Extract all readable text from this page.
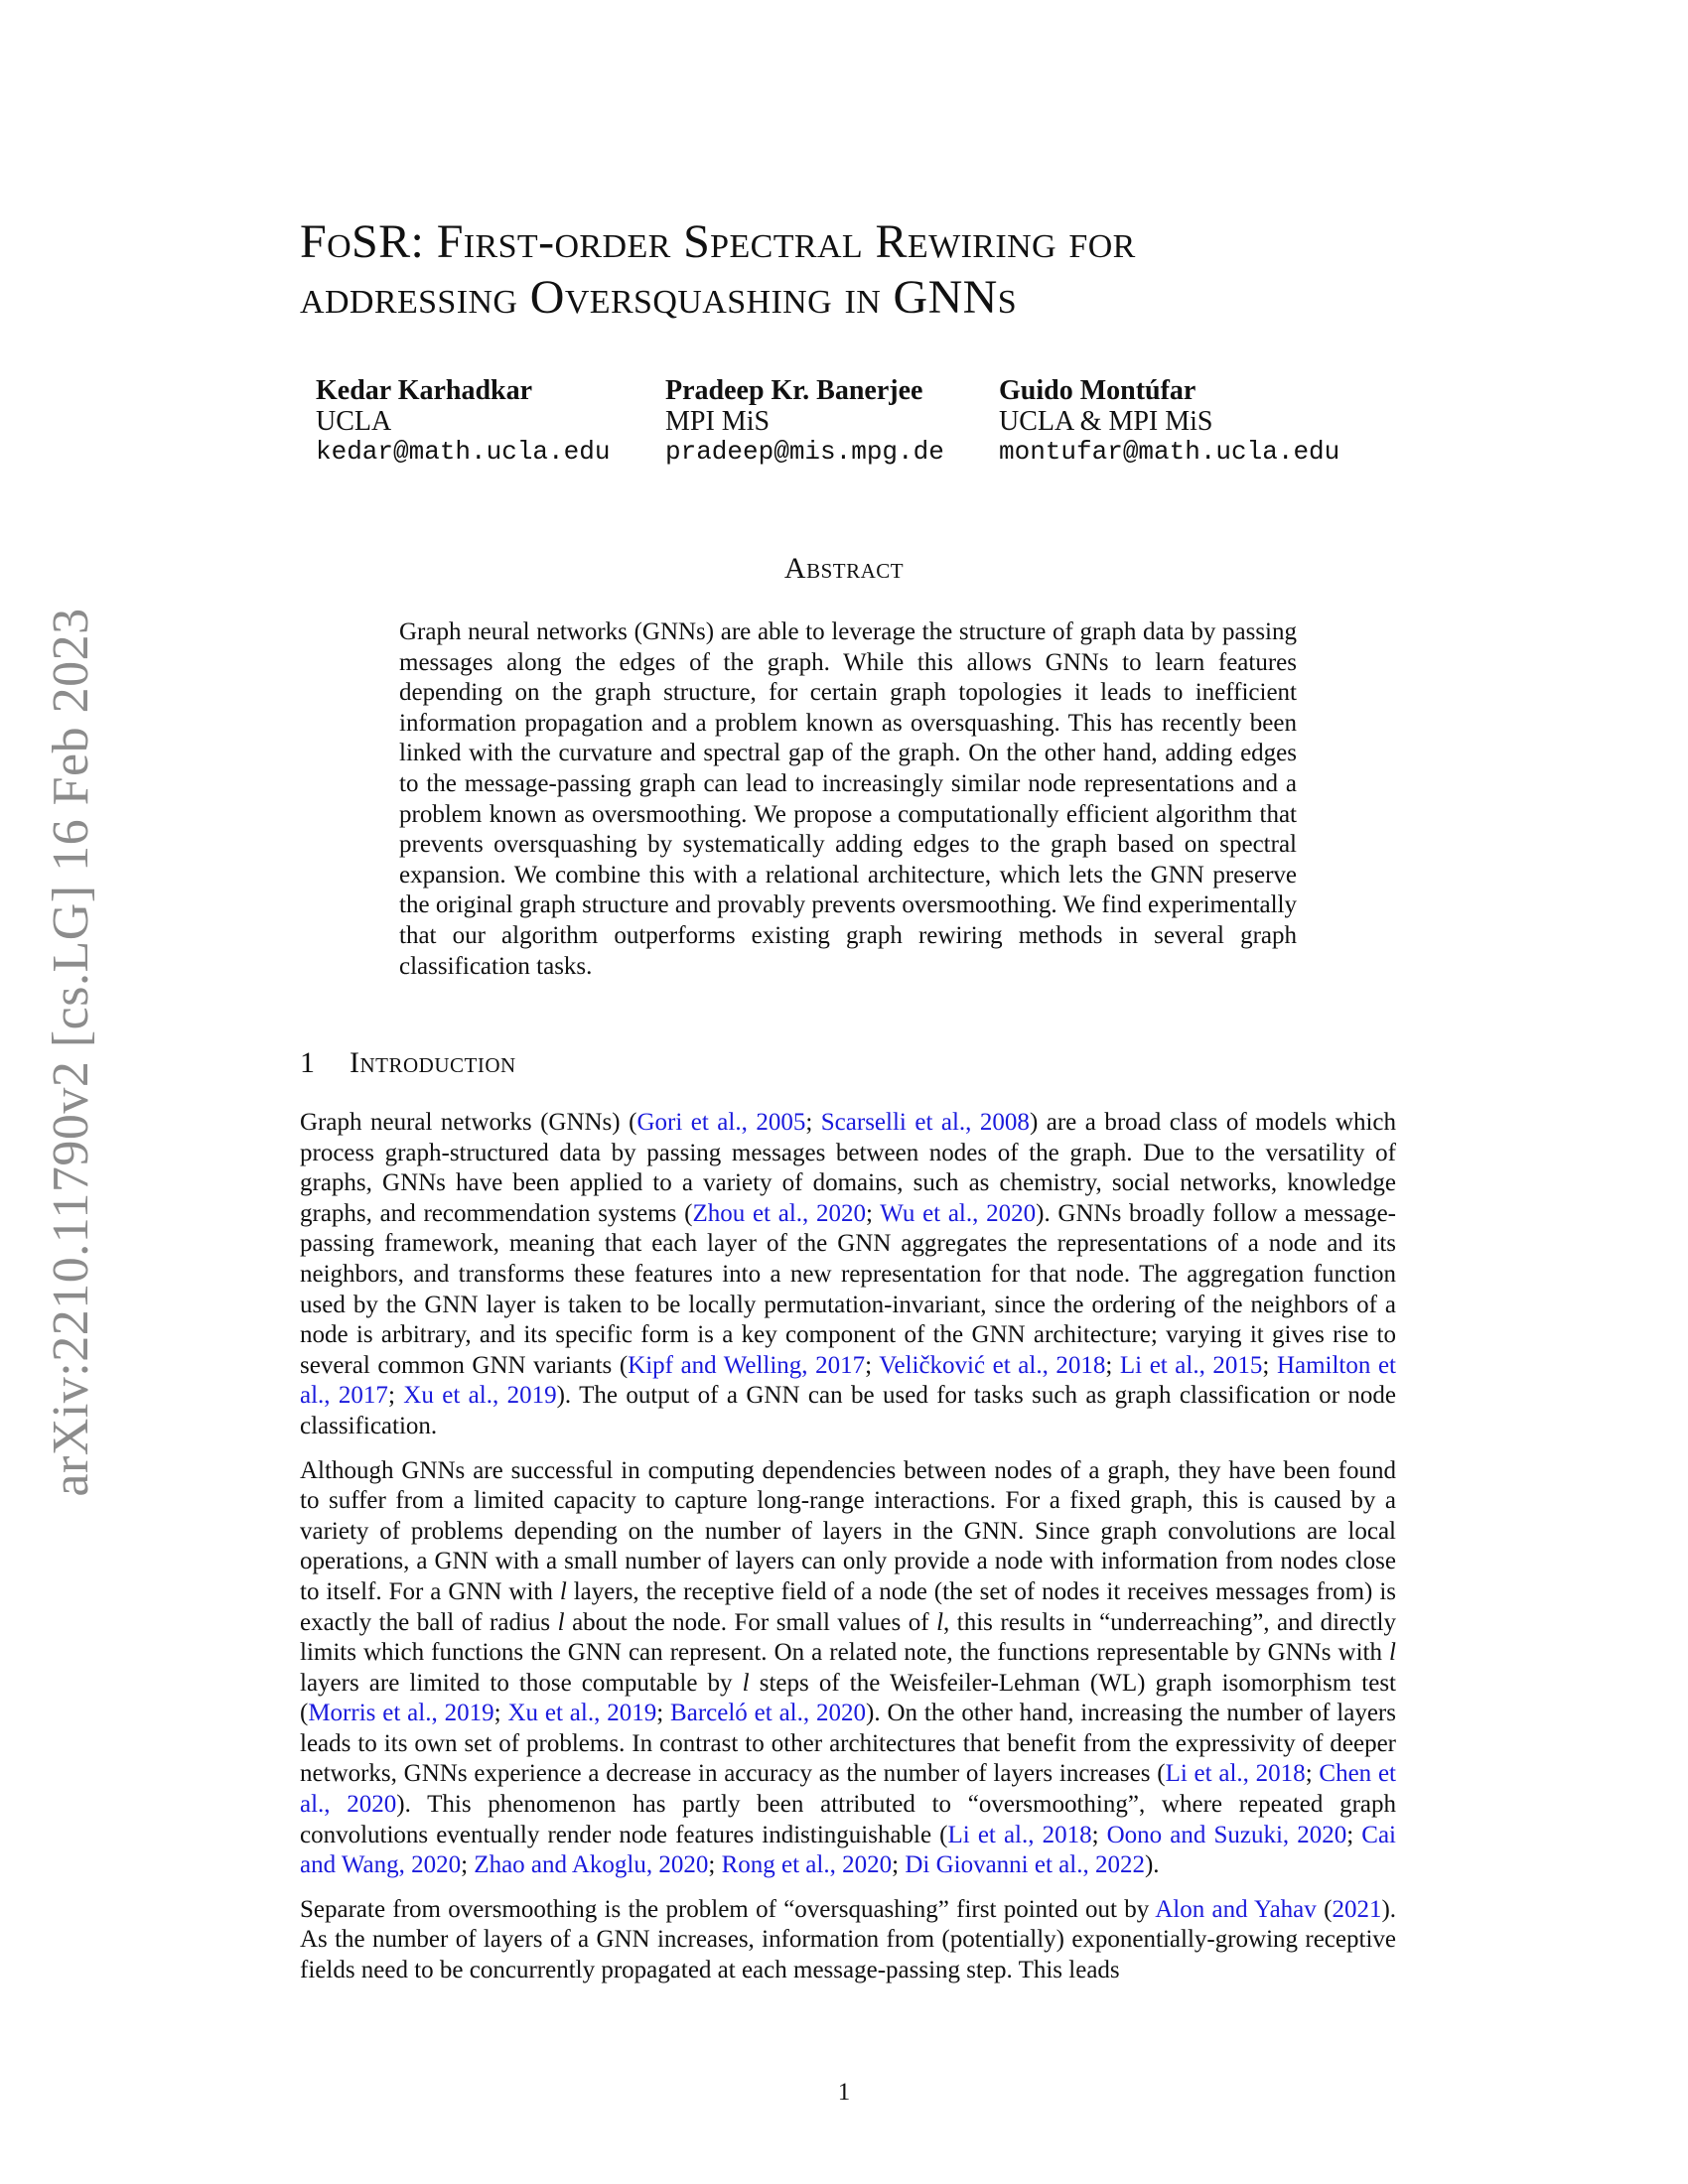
arXiv:2210.11790v2 [cs.LG] 16 Feb 2023
FoSR: First-order Spectral Rewiring for
addressing Oversquashing in GNNs
Kedar Karhadkar
UCLA
kedar@math.ucla.edu
Pradeep Kr. Banerjee
MPI MiS
pradeep@mis.mpg.de
Guido Montúfar
UCLA & MPI MiS
montufar@math.ucla.edu
Abstract
Graph neural networks (GNNs) are able to leverage the structure of graph data by passing messages along the edges of the graph. While this allows GNNs to learn features depending on the graph structure, for certain graph topologies it leads to inefficient information propagation and a problem known as oversquashing. This has recently been linked with the curvature and spectral gap of the graph. On the other hand, adding edges to the message-passing graph can lead to increasingly similar node representations and a problem known as oversmoothing. We propose a computationally efficient algorithm that prevents oversquashing by systematically adding edges to the graph based on spectral expansion. We combine this with a relational architecture, which lets the GNN preserve the original graph structure and provably prevents oversmoothing. We find experimentally that our algorithm outperforms existing graph rewiring methods in several graph classification tasks.
1 Introduction

Graph neural networks (GNNs) (Gori et al., 2005; Scarselli et al., 2008) are a broad class of models which process graph-structured data by passing messages between nodes of the graph. Due to the versatility of graphs, GNNs have been applied to a variety of domains, such as chemistry, social networks, knowledge graphs, and recommendation systems (Zhou et al., 2020; Wu et al., 2020). GNNs broadly follow a message-passing framework, meaning that each layer of the GNN aggregates the representations of a node and its neighbors, and transforms these features into a new representation for that node. The aggregation function used by the GNN layer is taken to be locally permutation-invariant, since the ordering of the neighbors of a node is arbitrary, and its specific form is a key component of the GNN architecture; varying it gives rise to several common GNN variants (Kipf and Welling, 2017; Veličković et al., 2018; Li et al., 2015; Hamilton et al., 2017; Xu et al., 2019). The output of a GNN can be used for tasks such as graph classification or node classification.

Although GNNs are successful in computing dependencies between nodes of a graph, they have been found to suffer from a limited capacity to capture long-range interactions. For a fixed graph, this is caused by a variety of problems depending on the number of layers in the GNN. Since graph convolutions are local operations, a GNN with a small number of layers can only provide a node with information from nodes close to itself. For a GNN with l layers, the receptive field of a node (the set of nodes it receives messages from) is exactly the ball of radius l about the node. For small values of l, this results in “underreaching”, and directly limits which functions the GNN can represent. On a related note, the functions representable by GNNs with l layers are limited to those computable by l steps of the Weisfeiler-Lehman (WL) graph isomorphism test (Morris et al., 2019; Xu et al., 2019; Barceló et al., 2020). On the other hand, increasing the number of layers leads to its own set of problems. In contrast to other architectures that benefit from the expressivity of deeper networks, GNNs experience a decrease in accuracy as the number of layers increases (Li et al., 2018; Chen et al., 2020). This phenomenon has partly been attributed to “oversmoothing”, where repeated graph convolutions eventually render node features indistinguishable (Li et al., 2018; Oono and Suzuki, 2020; Cai and Wang, 2020; Zhao and Akoglu, 2020; Rong et al., 2020; Di Giovanni et al., 2022).

Separate from oversmoothing is the problem of “oversquashing” first pointed out by Alon and Yahav (2021). As the number of layers of a GNN increases, information from (potentially) exponentially-growing receptive fields need to be concurrently propagated at each message-passing step. This leads

1
